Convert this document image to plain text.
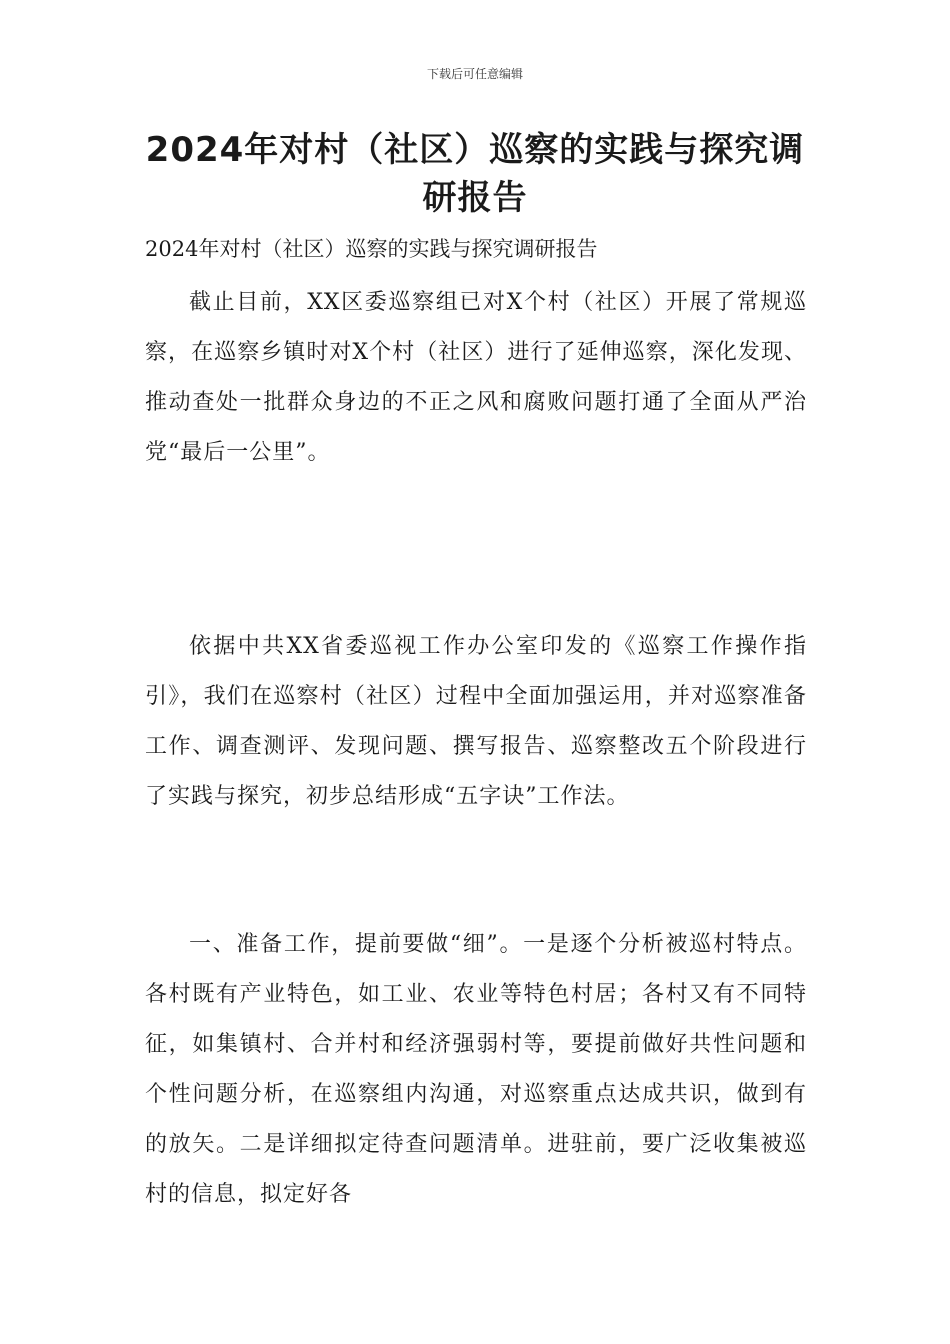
下载后可任意编辑
2024年对村（社区）巡察的实践与探究调研报告

2024年对村（社区）巡察的实践与探究调研报告

截止目前，XX区委巡察组已对X个村（社区）开展了常规巡察，在巡察乡镇时对X个村（社区）进行了延伸巡察，深化发现、推动查处一批群众身边的不正之风和腐败问题打通了全面从严治党“最后一公里”。

依据中共XX省委巡视工作办公室印发的《巡察工作操作指引》，我们在巡察村（社区）过程中全面加强运用，并对巡察准备工作、调查测评、发现问题、撰写报告、巡察整改五个阶段进行了实践与探究，初步总结形成“五字诀”工作法。

一、准备工作，提前要做“细”。一是逐个分析被巡村特点。各村既有产业特色，如工业、农业等特色村居；各村又有不同特征，如集镇村、合并村和经济强弱村等，要提前做好共性问题和个性问题分析，在巡察组内沟通，对巡察重点达成共识，做到有的放矢。二是详细拟定待查问题清单。进驻前，要广泛收集被巡村的信息，拟定好各
